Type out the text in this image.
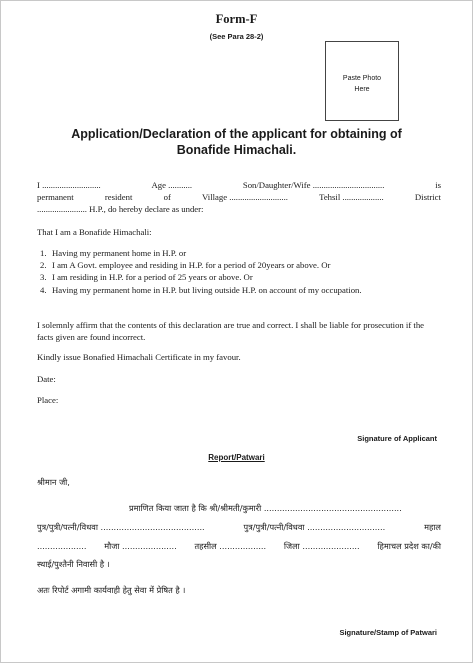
Form-F
(See Para 28-2)
Paste Photo
Here
Application/Declaration of the applicant for obtaining of
Bonafide Himachali.
I ...........................	Age ...........	Son/Daughter/Wife .................................	is
permanent	resident	of	Village ...........................	Tehsil ...................	District
....................... H.P., do hereby declare as under:
That I am a Bonafide Himachali:
1. Having my permanent home in H.P. or
2. I am A Govt. employee and residing in H.P. for a period of 20years or above. Or
3. I am residing in H.P. for a period of 25 years or above. Or
4. Having my permanent home in H.P. but living outside H.P. on account of my occupation.
I solemnly affirm that the contents of this declaration are true and correct. I shall be liable for prosecution if the facts given are found incorrect.
Kindly issue Bonafied Himachali Certificate in my favour.
Date:
Place:
Signature of Applicant
Report/Patwari
श्रीमान जी,
प्रमाणित किया जाता है कि श्री/श्रीमती/कुमारी .....................................................
पुत्र/पुत्री/पत्नी/विधवा ........................................	पुत्र/पुत्री/पत्नी/विधवा ..............................	महाल
................... मौजा ..................... तहसील .................. जिला ...................... हिमाचल प्रदेश का/की
स्थाई/पुश्तैनी निवासी है ।
अतः रिपोर्ट अगामी कार्यवाही हेतु सेवा में प्रेषित है ।
Signature/Stamp of Patwari
